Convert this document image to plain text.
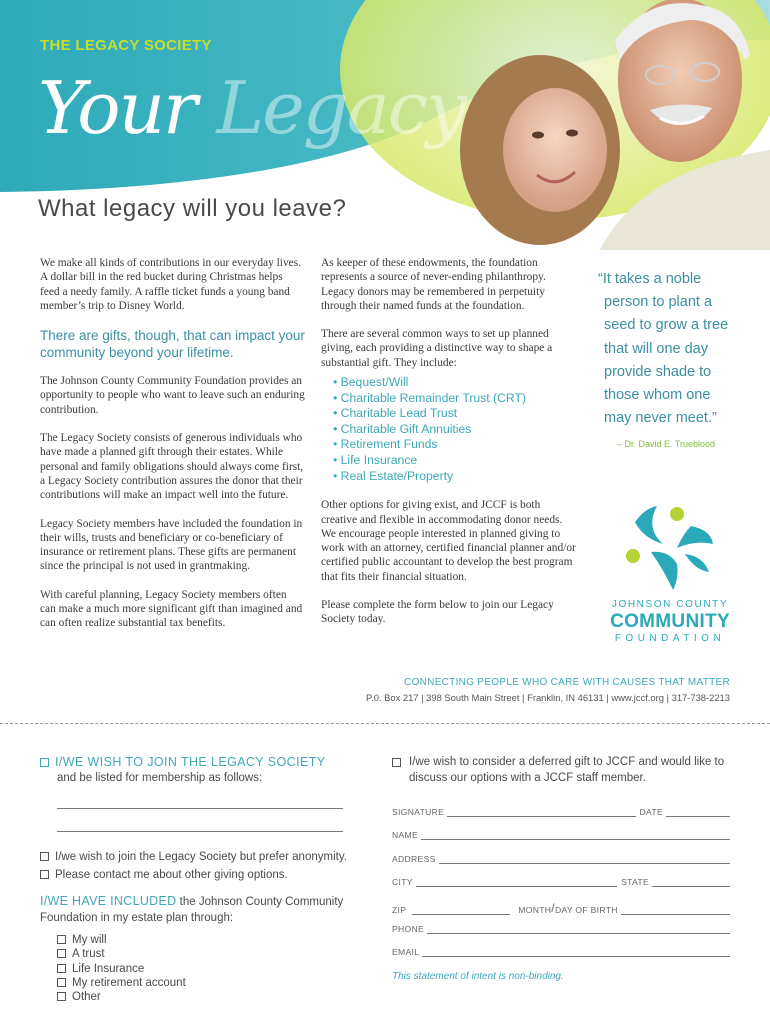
THE LEGACY SOCIETY
Your Legacy
What legacy will you leave?

We make all kinds of contributions in our everyday lives. A dollar bill in the red bucket during Christmas helps feed a needy family. A raffle ticket funds a young band member’s trip to Disney World.

There are gifts, though, that can impact your community beyond your lifetime.

The Johnson County Community Foundation provides an opportunity to people who want to leave such an enduring contribution.

The Legacy Society consists of generous individuals who have made a planned gift through their estates. While personal and family obligations should always come first, a Legacy Society contribution assures the donor that their contributions will make an impact well into the future.

Legacy Society members have included the foundation in their wills, trusts and beneficiary or co-beneficiary of insurance or retirement plans. These gifts are permanent since the principal is not used in grantmaking.

With careful planning, Legacy Society members often can make a much more significant gift than imagined and can often realize substantial tax benefits.

As keeper of these endowments, the foundation represents a source of never-ending philanthropy. Legacy donors may be remembered in perpetuity through their named funds at the foundation.

There are several common ways to set up planned giving, each providing a distinctive way to shape a substantial gift. They include:

• Bequest/Will
• Charitable Remainder Trust (CRT)
• Charitable Lead Trust
• Charitable Gift Annuities
• Retirement Funds
• Life Insurance
• Real Estate/Property

Other options for giving exist, and JCCF is both creative and flexible in accommodating donor needs. We encourage people interested in planned giving to work with an attorney, certified financial planner and/or certified public accountant to develop the best program that fits their financial situation.

Please complete the form below to join our Legacy Society today.

“It takes a noble
person to plant a
seed to grow a tree
that will one day
provide shade to
those whom one
may never meet.”
– Dr. David E. Trueblood
JOHNSON COUNTY
COMMUNITY
FOUNDATION
CONNECTING PEOPLE WHO CARE WITH CAUSES THAT MATTER
P.0. Box 217 | 398 South Main Street | Franklin, IN 46131 | www.jccf.org | 317-738-2213
I/WE WISH TO JOIN THE LEGACY SOCIETY
and be listed for membership as follows:
I/we wish to join the Legacy Society but prefer anonymity.
Please contact me about other giving options.
I/WE HAVE INCLUDED the Johnson County Community Foundation in my estate plan through:
My will
A trust
Life Insurance
My retirement account
Other
I/we wish to consider a deferred gift to JCCF and would like to discuss our options with a JCCF staff member.
SIGNATURE	DATE
NAME
ADDRESS
CITY	STATE
ZIP	MONTH / DAY OF BIRTH
PHONE
EMAIL
This statement of intent is non-binding.
